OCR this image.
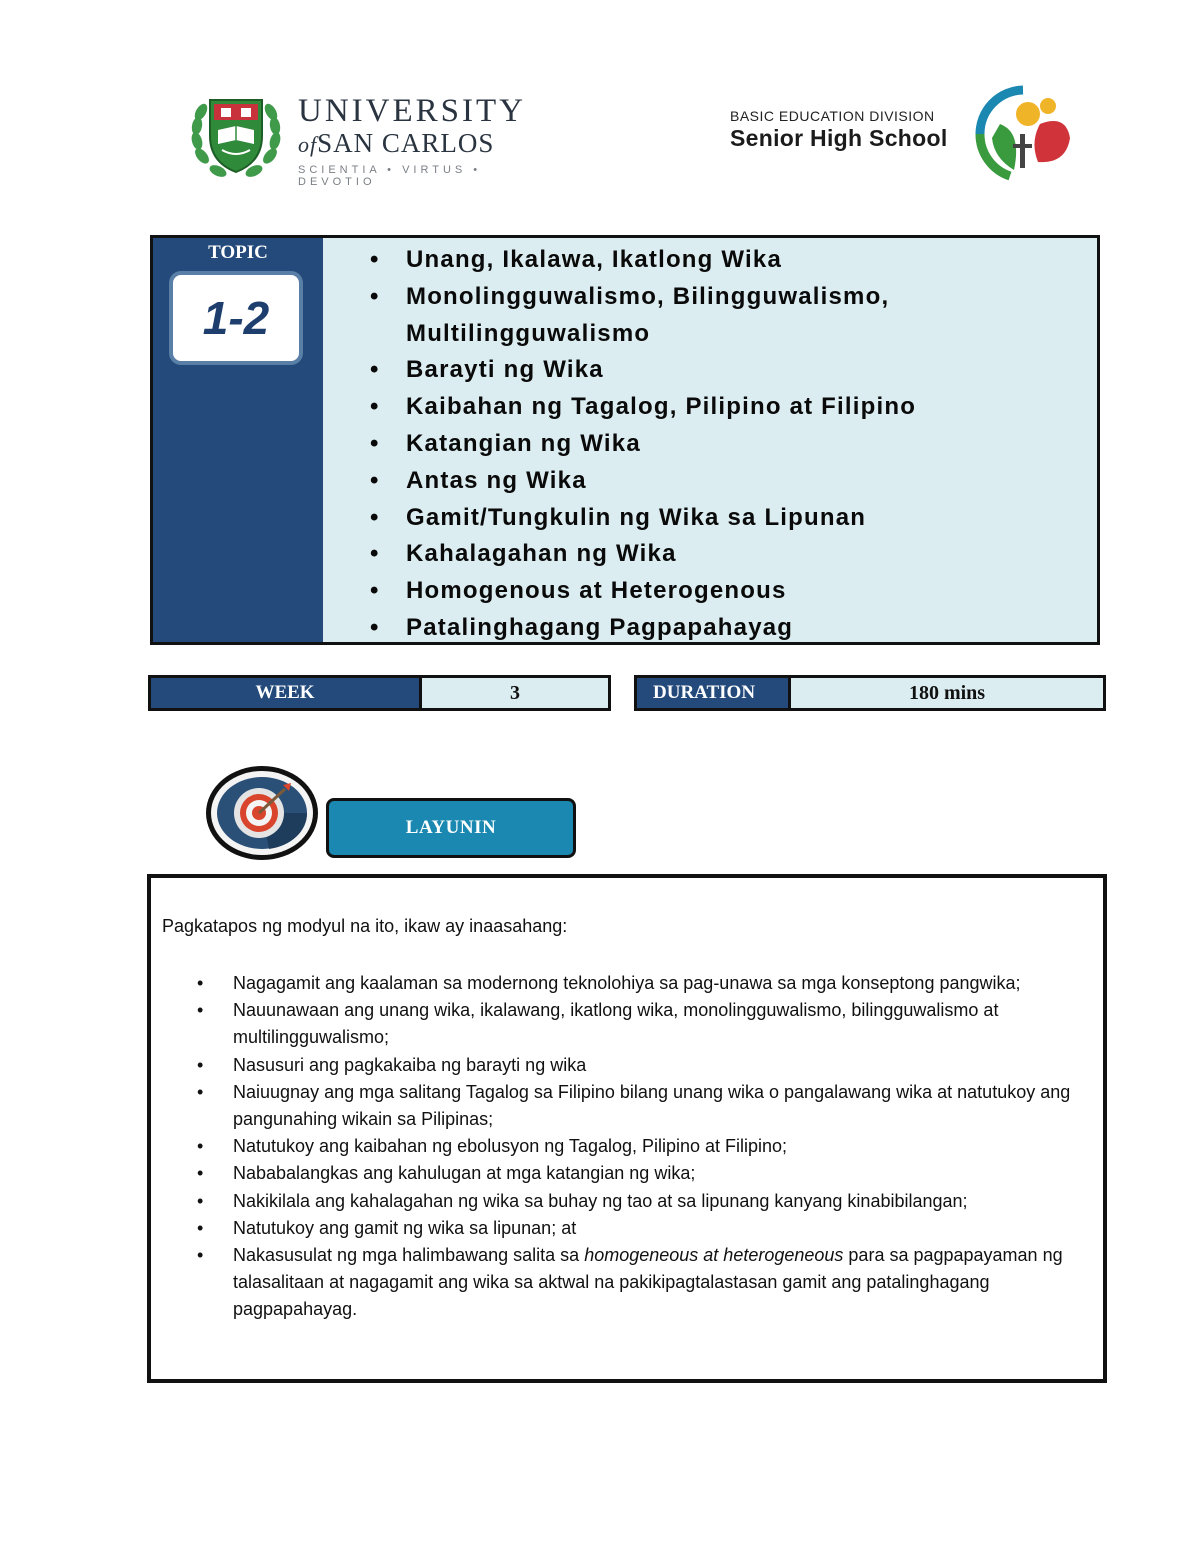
UNIVERSITY
ofSAN CARLOS
SCIENTIA • VIRTUS • DEVOTIO
BASIC EDUCATION DIVISION
Senior High School
TOPIC
1-2
• Unang, Ikalawa, Ikatlong Wika
• Monolingguwalismo, Bilingguwalismo, Multilingguwalismo
• Barayti ng Wika
• Kaibahan ng Tagalog, Pilipino at Filipino
• Katangian ng Wika
• Antas ng Wika
• Gamit/Tungkulin ng Wika sa Lipunan
• Kahalagahan ng Wika
• Homogenous at Heterogenous
• Patalinghagang Pagpapahayag
WEEK	3	DURATION	180 mins
LAYUNIN
Pagkatapos ng modyul na ito, ikaw ay inaasahang:
• Nagagamit ang kaalaman sa modernong teknolohiya sa pag-unawa sa mga konseptong pangwika;
• Nauunawaan ang unang wika, ikalawang, ikatlong wika, monolingguwalismo, bilingguwalismo at multilingguwalismo;
• Nasusuri ang pagkakaiba ng barayti ng wika
• Naiuugnay ang mga salitang Tagalog sa Filipino bilang unang wika o pangalawang wika at natutukoy ang pangunahing wikain sa Pilipinas;
• Natutukoy ang kaibahan ng ebolusyon ng Tagalog, Pilipino at Filipino;
• Nababalangkas ang kahulugan at mga katangian ng wika;
• Nakikilala ang kahalagahan ng wika sa buhay ng tao at sa lipunang kanyang kinabibilangan;
• Natutukoy ang gamit ng wika sa lipunan; at
• Nakasusulat ng mga halimbawang salita sa homogeneous at heterogeneous para sa pagpapayaman ng talasalitaan at nagagamit ang wika sa aktwal na pakikipagtalastasan gamit ang patalinghagang pagpapahayag.
